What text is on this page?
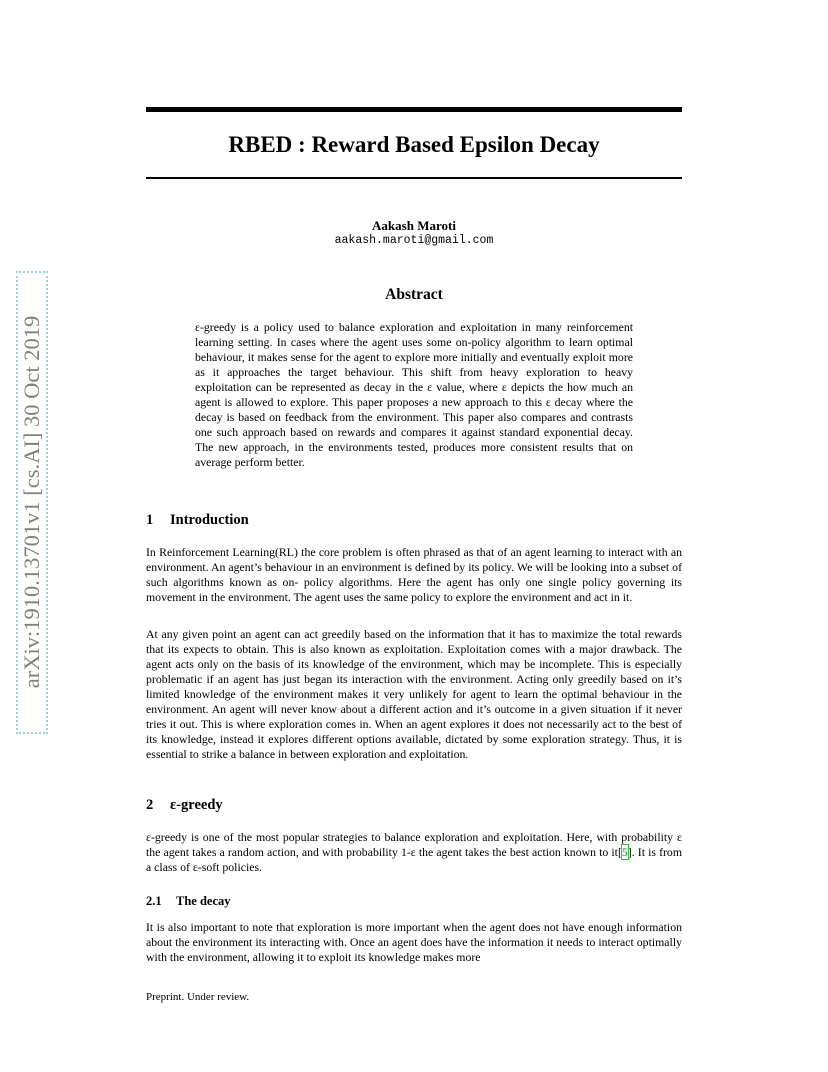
arXiv:1910.13701v1 [cs.AI] 30 Oct 2019
RBED : Reward Based Epsilon Decay
Aakash Maroti
aakash.maroti@gmail.com
Abstract

ε-greedy is a policy used to balance exploration and exploitation in many reinforcement learning setting. In cases where the agent uses some on-policy algorithm to learn optimal behaviour, it makes sense for the agent to explore more initially and eventually exploit more as it approaches the target behaviour. This shift from heavy exploration to heavy exploitation can be represented as decay in the ε value, where ε depicts the how much an agent is allowed to explore. This paper proposes a new approach to this ε decay where the decay is based on feedback from the environment. This paper also compares and contrasts one such approach based on rewards and compares it against standard exponential decay. The new approach, in the environments tested, produces more consistent results that on average perform better.

1 Introduction

In Reinforcement Learning(RL) the core problem is often phrased as that of an agent learning to interact with an environment. An agent’s behaviour in an environment is defined by its policy. We will be looking into a subset of such algorithms known as on- policy algorithms. Here the agent has only one single policy governing its movement in the environment. The agent uses the same policy to explore the environment and act in it.

At any given point an agent can act greedily based on the information that it has to maximize the total rewards that its expects to obtain. This is also known as exploitation. Exploitation comes with a major drawback. The agent acts only on the basis of its knowledge of the environment, which may be incomplete. This is especially problematic if an agent has just began its interaction with the environment. Acting only greedily based on it’s limited knowledge of the environment makes it very unlikely for agent to learn the optimal behaviour in the environment. An agent will never know about a different action and it’s outcome in a given situation if it never tries it out. This is where exploration comes in. When an agent explores it does not necessarily act to the best of its knowledge, instead it explores different options available, dictated by some exploration strategy. Thus, it is essential to strike a balance in between exploration and exploitation.

2 ε-greedy

ε-greedy is one of the most popular strategies to balance exploration and exploitation. Here, with probability ε the agent takes a random action, and with probability 1-ε the agent takes the best action known to it[5]. It is from a class of ε-soft policies.

2.1 The decay

It is also important to note that exploration is more important when the agent does not have enough information about the environment its interacting with. Once an agent does have the information it needs to interact optimally with the environment, allowing it to exploit its knowledge makes more

Preprint. Under review.
